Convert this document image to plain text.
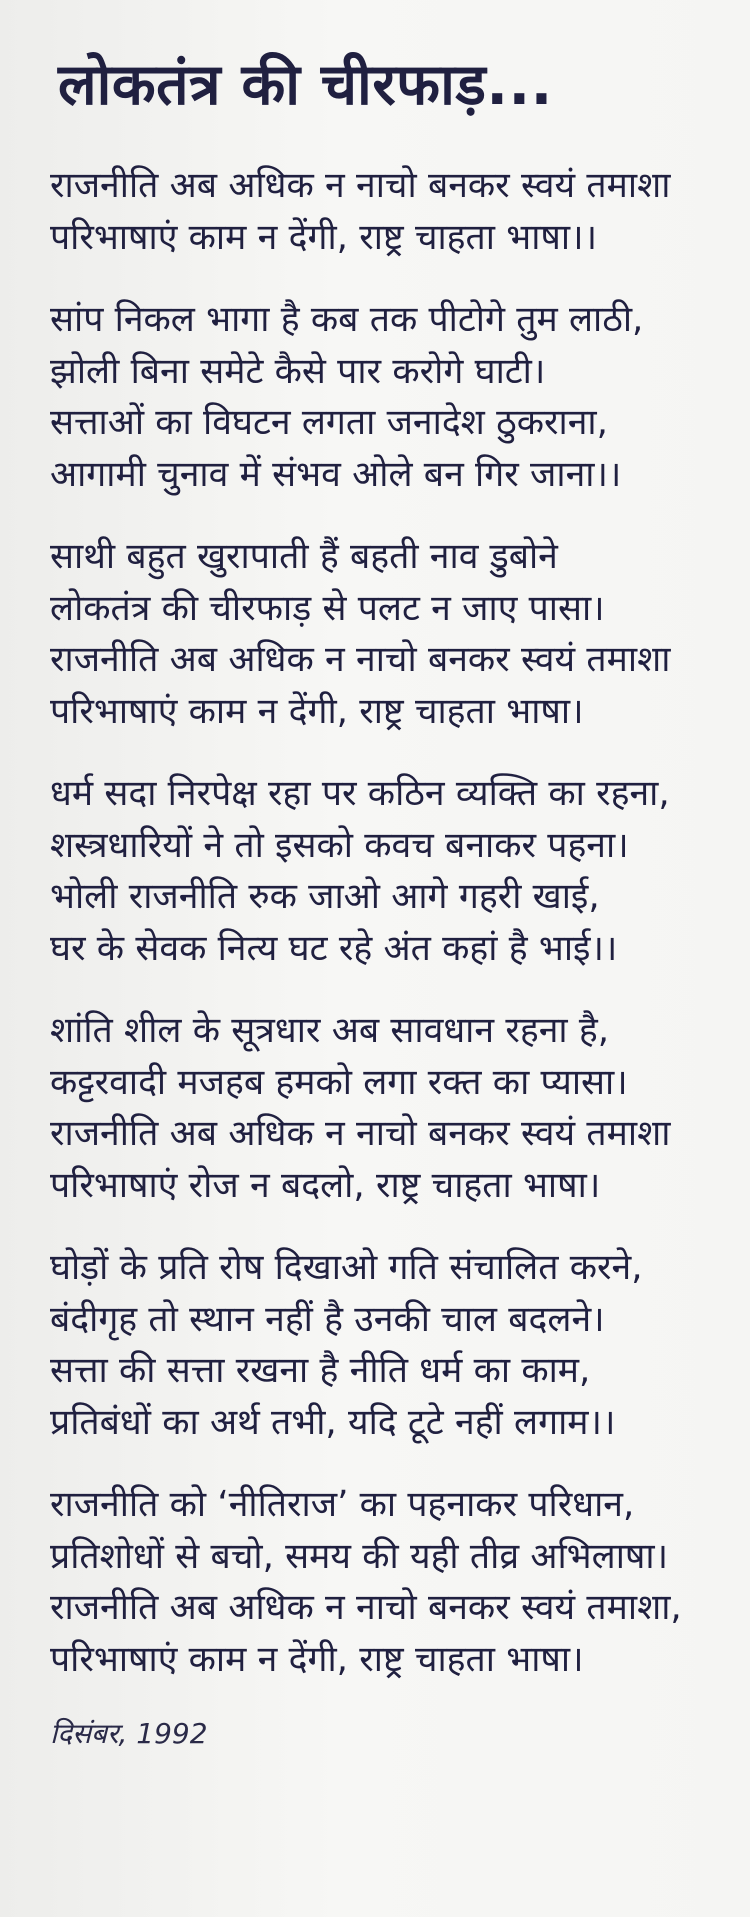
लोकतंत्र की चीरफाड़...
राजनीति अब अधिक न नाचो बनकर स्वयं तमाशा
परिभाषाएं काम न देंगी, राष्ट्र चाहता भाषा।।
सांप निकल भागा है कब तक पीटोगे तुम लाठी,
झोली बिना समेटे कैसे पार करोगे घाटी।
सत्ताओं का विघटन लगता जनादेश ठुकराना,
आगामी चुनाव में संभव ओले बन गिर जाना।।
साथी बहुत खुरापाती हैं बहती नाव डुबोने
लोकतंत्र की चीरफाड़ से पलट न जाए पासा।
राजनीति अब अधिक न नाचो बनकर स्वयं तमाशा
परिभाषाएं काम न देंगी, राष्ट्र चाहता भाषा।
धर्म सदा निरपेक्ष रहा पर कठिन व्यक्ति का रहना,
शस्त्रधारियों ने तो इसको कवच बनाकर पहना।
भोली राजनीति रुक जाओ आगे गहरी खाई,
घर के सेवक नित्य घट रहे अंत कहां है भाई।।
शांति शील के सूत्रधार अब सावधान रहना है,
कट्टरवादी मजहब हमको लगा रक्त का प्यासा।
राजनीति अब अधिक न नाचो बनकर स्वयं तमाशा
परिभाषाएं रोज न बदलो, राष्ट्र चाहता भाषा।
घोड़ों के प्रति रोष दिखाओ गति संचालित करने,
बंदीगृह तो स्थान नहीं है उनकी चाल बदलने।
सत्ता की सत्ता रखना है नीति धर्म का काम,
प्रतिबंधों का अर्थ तभी, यदि टूटे नहीं लगाम।।
राजनीति को ‘नीतिराज’ का पहनाकर परिधान,
प्रतिशोधों से बचो, समय की यही तीव्र अभिलाषा।
राजनीति अब अधिक न नाचो बनकर स्वयं तमाशा,
परिभाषाएं काम न देंगी, राष्ट्र चाहता भाषा।
दिसंबर, 1992
